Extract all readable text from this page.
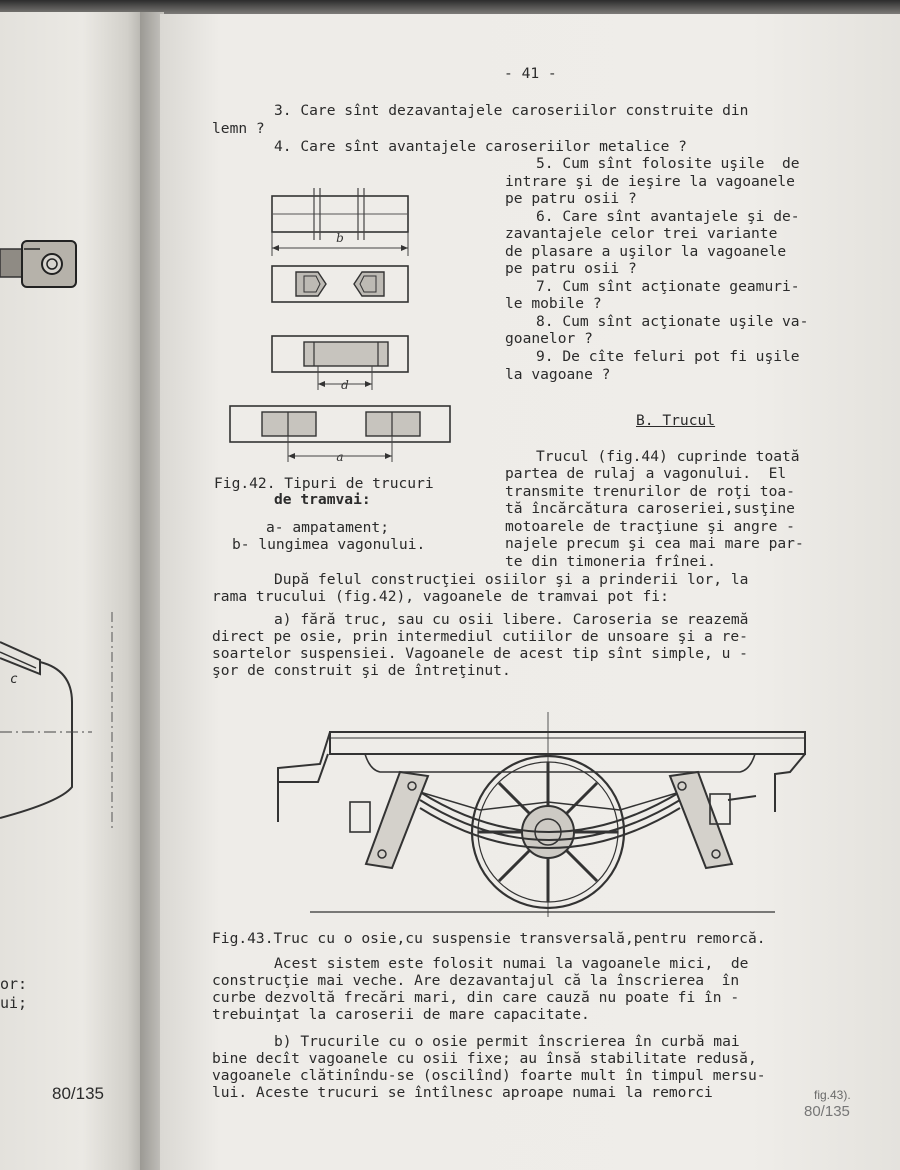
c
or:
ui;
80/135
- 41 -
3. Care sînt dezavantajele caroseriilor construite din
lemn ?
4. Care sînt avantajele caroseriilor metalice ?
5. Cum sînt folosite uşile  de
intrare şi de ieşire la vagoanele
pe patru osii ?
6. Care sînt avantajele şi de-
zavantajele celor trei variante
de plasare a uşilor la vagoanele
pe patru osii ?
7. Cum sînt acţionate geamuri-
le mobile ?
8. Cum sînt acţionate uşile va-
goanelor ?
9. De cîte feluri pot fi uşile
la vagoane ?
b
d
a
Fig.42. Tipuri de trucuri
de tramvai:
a- ampatament;
b- lungimea vagonului.
B. Trucul
Trucul (fig.44) cuprinde toată
partea de rulaj a vagonului.  El
transmite trenurilor de roţi toa-
tă încărcătura caroseriei,susţine
motoarele de tracţiune şi angre -
najele precum şi cea mai mare par-
te din timoneria frînei.
După felul construcţiei osiilor şi a prinderii lor, la
rama trucului (fig.42), vagoanele de tramvai pot fi:
a) fără truc, sau cu osii libere. Caroseria se reazemă
direct pe osie, prin intermediul cutiilor de unsoare şi a re-
soartelor suspensiei. Vagoanele de acest tip sînt simple, u -
şor de construit şi de întreţinut.
Fig.43.Truc cu o osie,cu suspensie transversală,pentru remorcă.
Acest sistem este folosit numai la vagoanele mici,  de
construcţie mai veche. Are dezavantajul că la înscrierea  în
curbe dezvoltă frecări mari, din care cauză nu poate fi în -
trebuinţat la caroserii de mare capacitate.
b) Trucurile cu o osie permit înscrierea în curbă mai
bine decît vagoanele cu osii fixe; au însă stabilitate redusă,
vagoanele clătinîndu-se (oscilînd) foarte mult în timpul mersu-
lui. Aceste trucuri se întîlnesc aproape numai la remorci	fig.43).
80/135
